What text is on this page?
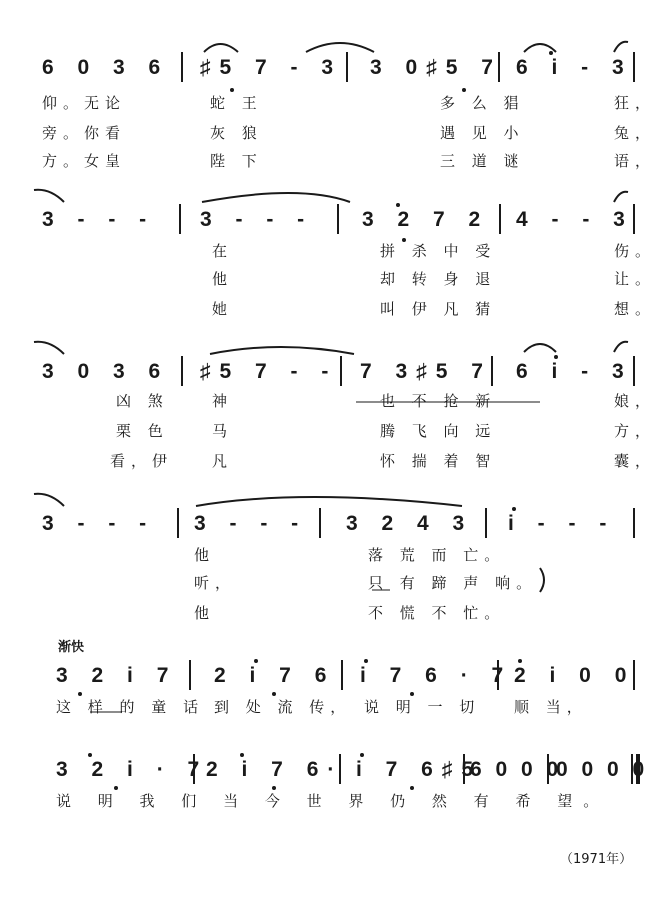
6 0 3 6 ♯5 7 - 3 3 0♯5 7 6 i - 3
仰。无论	蛇 王	多 么 猖	狂，
旁。你看	灰 狼	遇 见 小	兔，
方。女皇	陛 下	三 道 谜	语，
3 - - - 3 - - - 3 2 7 2 4 - - 3
在	拼 杀 中 受	伤。
他	却 转 身 退	让。
她	叫 伊 凡 猜	想。
3 0 3 6 ♯5 7 - - 7 3♯5 7 6 i - 3
凶 煞	神	也 不 抢 新	娘，
栗 色	马	腾 飞 向 远	方，
看，伊	凡	怀 揣 着 智	囊，
3 - - - 3 - - - 3 2 4 3 i - - -
他	落 荒 而 亡。
听，	只 有 蹄 声 响。
他	不 慌 不 忙。
渐快
3 2 i 7 2 i 7 6 i 7 6 · 7 2 i 0 0
这 样 的 童 话 到 处 流 传， 说 明 一 切 顺 当，
3 2 i · 7
2 i 7 6· i 7 6♯5
6 0 0 0
0 0 0 0
说 明 我 们 当 今 世 界 仍 然 有 希 望。
（1971年）
